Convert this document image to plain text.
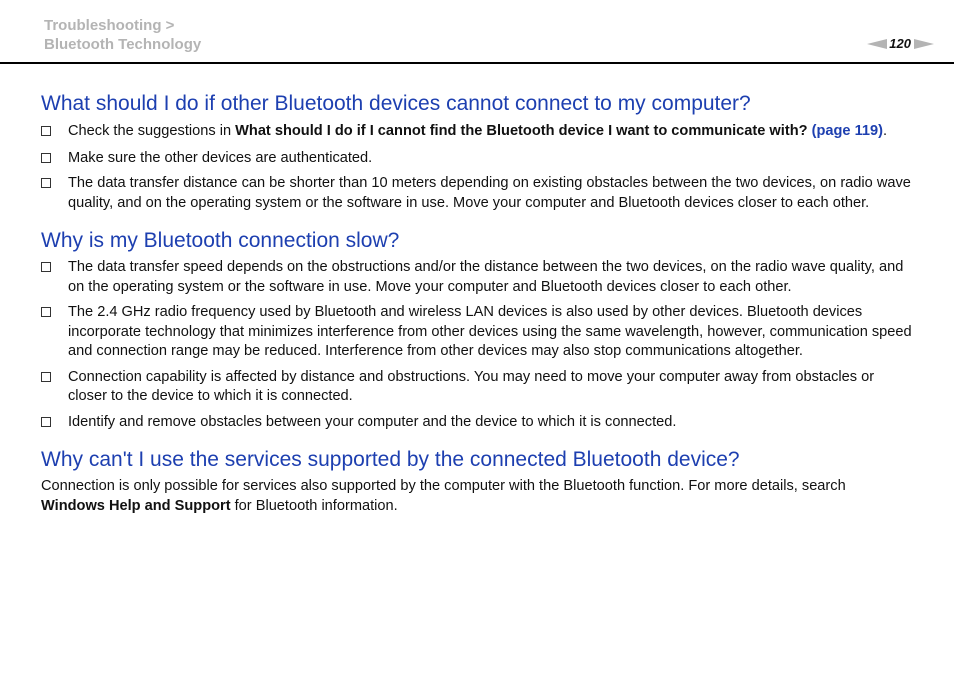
Troubleshooting >
Bluetooth Technology	120
What should I do if other Bluetooth devices cannot connect to my computer?
Check the suggestions in What should I do if I cannot find the Bluetooth device I want to communicate with? (page 119).
Make sure the other devices are authenticated.
The data transfer distance can be shorter than 10 meters depending on existing obstacles between the two devices, on radio wave quality, and on the operating system or the software in use. Move your computer and Bluetooth devices closer to each other.
Why is my Bluetooth connection slow?
The data transfer speed depends on the obstructions and/or the distance between the two devices, on the radio wave quality, and on the operating system or the software in use. Move your computer and Bluetooth devices closer to each other.
The 2.4 GHz radio frequency used by Bluetooth and wireless LAN devices is also used by other devices. Bluetooth devices incorporate technology that minimizes interference from other devices using the same wavelength, however, communication speed and connection range may be reduced. Interference from other devices may also stop communications altogether.
Connection capability is affected by distance and obstructions. You may need to move your computer away from obstacles or closer to the device to which it is connected.
Identify and remove obstacles between your computer and the device to which it is connected.
Why can't I use the services supported by the connected Bluetooth device?

Connection is only possible for services also supported by the computer with the Bluetooth function. For more details, search Windows Help and Support for Bluetooth information.
